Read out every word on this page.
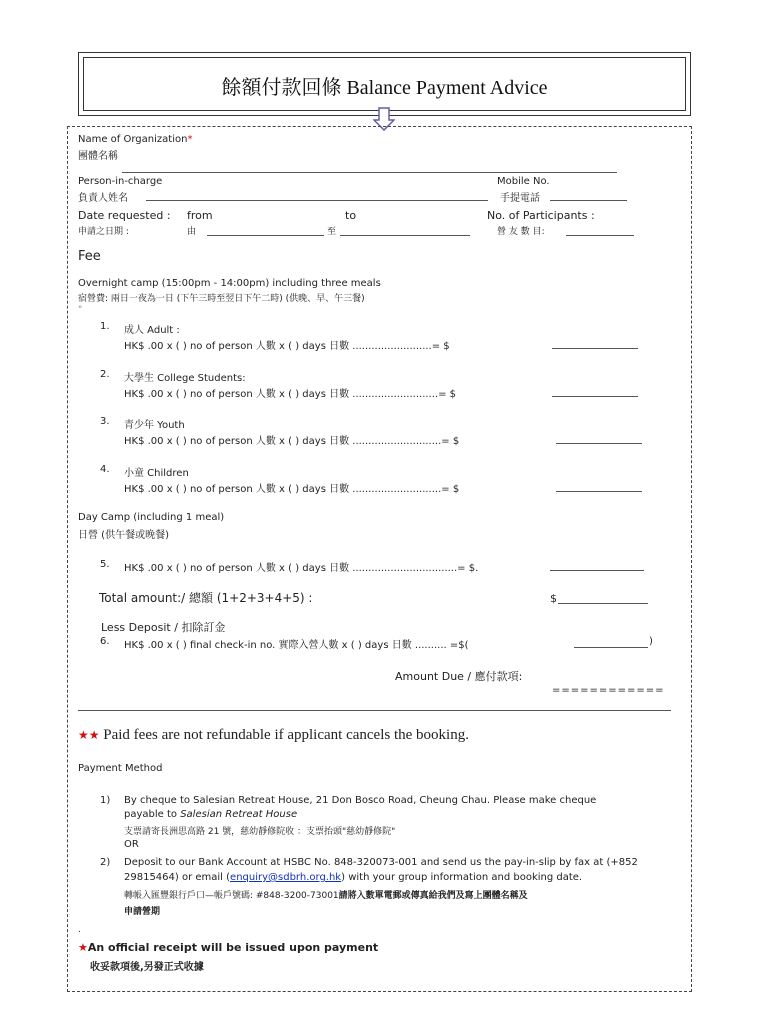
餘額付款回條 Balance Payment Advice
Name of Organization*
團體名稱
Person-in-charge	Mobile No.
負責人姓名	手提電話
Date requested : from	to	No. of Participants :
申請之日期 :	由	至	營 友 數 目:
Fee
Overnight camp (15:00pm - 14:00pm) including three meals
宿營費: 兩日一夜為一日 (下午三時至翌日下午二時) (供晚、早、午三餐)
"
1. 成人 Adult :
HK$ .00 x ( ) no of person 人數 x ( ) days 日數 .........................= $
2. 大學生 College Students:
HK$ .00 x ( ) no of person 人數 x ( ) days 日數 ...........................= $
3. 青少年 Youth
HK$ .00 x ( ) no of person 人數 x ( ) days 日數 ............................= $
4. 小童 Children
HK$ .00 x ( ) no of person 人數 x ( ) days 日數 ............................= $
Day Camp (including 1 meal)
日營 (供午餐或晚餐)
5. HK$ .00 x ( ) no of person 人數 x ( ) days 日數 .................................= $.
Total amount:/ 總額 (1+2+3+4+5) :	$
Less Deposit / 扣除訂金
6. HK$ .00 x ( ) final check-in no. 實際入營人數 x ( ) days 日數 .......... =$(	)
Amount Due / 應付款項:
============
★★ Paid fees are not refundable if applicant cancels the booking.
Payment Method
1) By cheque to Salesian Retreat House, 21 Don Bosco Road, Cheung Chau. Please make cheque
payable to Salesian Retreat House
支票請寄長洲思高路 21 號，慈幼靜修院收 ：支票抬頭"慈幼靜修院"
OR
2) Deposit to our Bank Account at HSBC No. 848-320073-001 and send us the pay-in-slip by fax at (+852
29815464) or email (enquiry@sdbrh.org.hk) with your group information and booking date.
轉帳入匯豐銀行戶口—帳戶號碼: #848-3200-73001請將入數單電郵或傳真給我們及寫上團體名稱及
申請營期
.
★An official receipt will be issued upon payment
收妥款項後,另發正式收據
